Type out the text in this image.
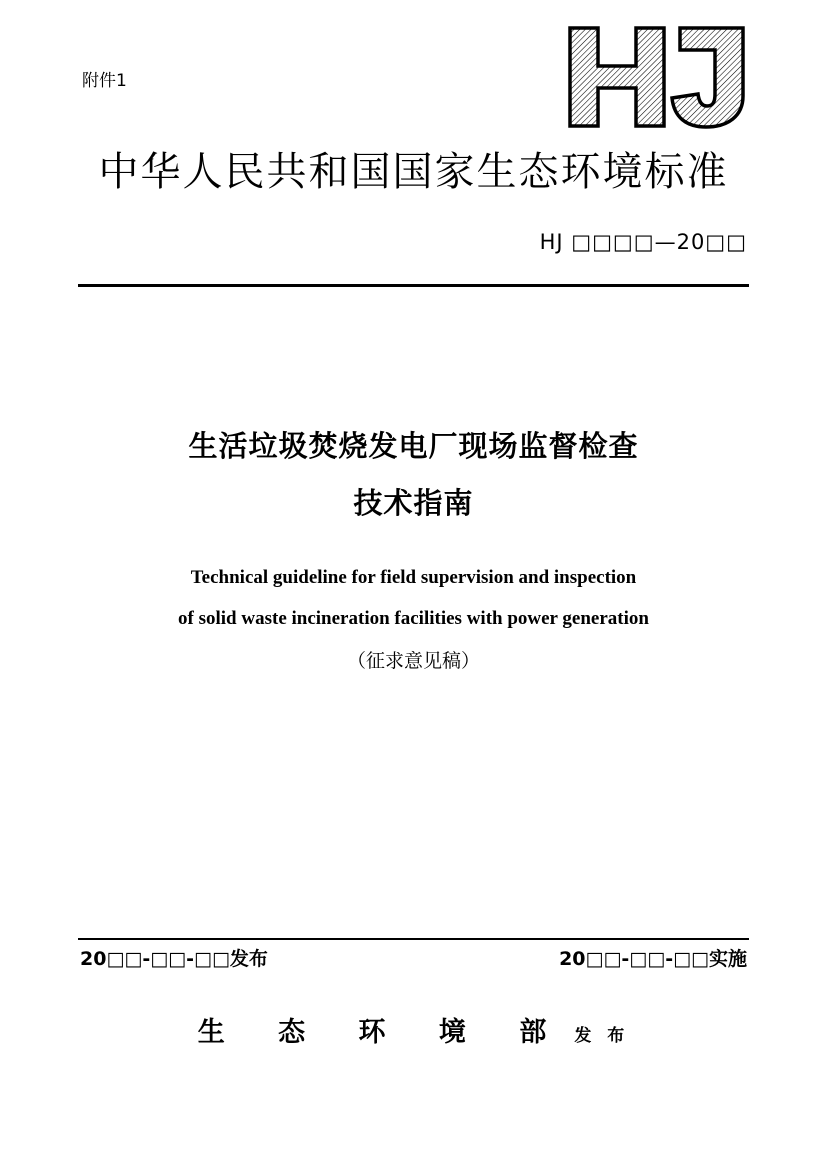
附件1
中华人民共和国国家生态环境标准
HJ □□□□—20□□
生活垃圾焚烧发电厂现场监督检查
技术指南
Technical guideline for field supervision and inspection
of solid waste incineration facilities with power generation
（征求意见稿）
20□□-□□-□□发布	20□□-□□-□□实施
生 态 环 境 部 发 布
